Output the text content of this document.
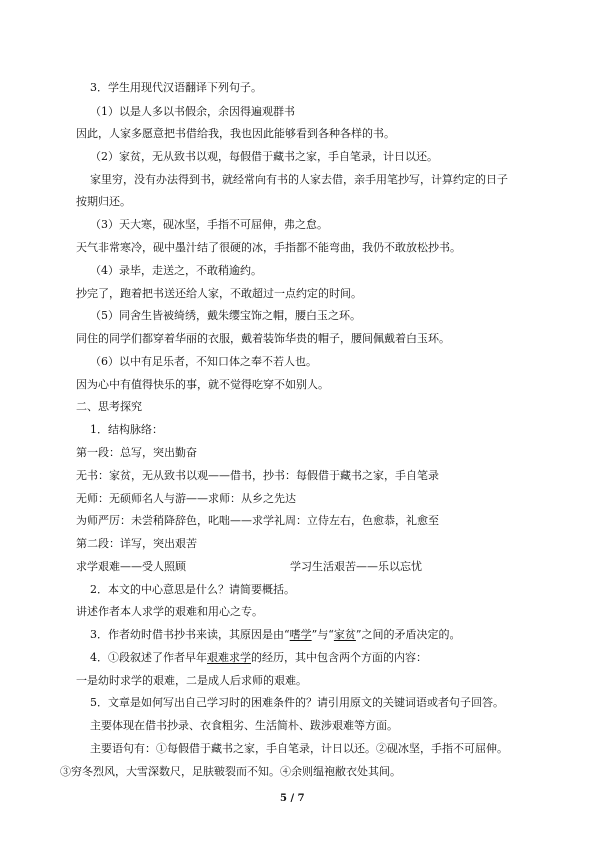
3．学生用现代汉语翻译下列句子。
（1）以是人多以书假余，余因得遍观群书
因此，人家多愿意把书借给我，我也因此能够看到各种各样的书。
（2）家贫，无从致书以观，每假借于藏书之家，手自笔录，计日以还。
家里穷，没有办法得到书，就经常向有书的人家去借，亲手用笔抄写，计算约定的日子
按期归还。
（3）天大寒，砚冰坚，手指不可屈伸，弗之怠。
天气非常寒冷，砚中墨汁结了很硬的冰，手指都不能弯曲，我仍不敢放松抄书。
（4）录毕，走送之，不敢稍逾约。
抄完了，跑着把书送还给人家，不敢超过一点约定的时间。
（5）同舍生皆被绮绣，戴朱缨宝饰之帽，腰白玉之环。
同住的同学们都穿着华丽的衣服，戴着装饰华贵的帽子，腰间佩戴着白玉环。
（6）以中有足乐者，不知口体之奉不若人也。
因为心中有值得快乐的事，就不觉得吃穿不如别人。
二、思考探究
1．结构脉络：
第一段：总写，突出勤奋
无书：家贫，无从致书以观——借书，抄书：每假借于藏书之家，手自笔录
无师：无硕师名人与游——求师：从乡之先达
为师严厉：未尝稍降辞色，叱咄——求学礼周：立侍左右，色愈恭，礼愈至
第二段：详写，突出艰苦
求学艰难——受人照顾	学习生活艰苦——乐以忘忧
2．本文的中心意思是什么？请简要概括。
讲述作者本人求学的艰难和用心之专。
3．作者幼时借书抄书来读，其原因是由“嗜学”与“家贫”之间的矛盾决定的。
4．①段叙述了作者早年艰难求学的经历，其中包含两个方面的内容：
一是幼时求学的艰难，二是成人后求师的艰难。
5．文章是如何写出自己学习时的困难条件的？请引用原文的关键词语或者句子回答。
主要体现在借书抄录、衣食粗劣、生活简朴、跋涉艰难等方面。
主要语句有：①每假借于藏书之家，手自笔录，计日以还。②砚冰坚，手指不可屈伸。
③穷冬烈风，大雪深数尺，足肤皲裂而不知。④余则缊袍敝衣处其间。
5 / 7
